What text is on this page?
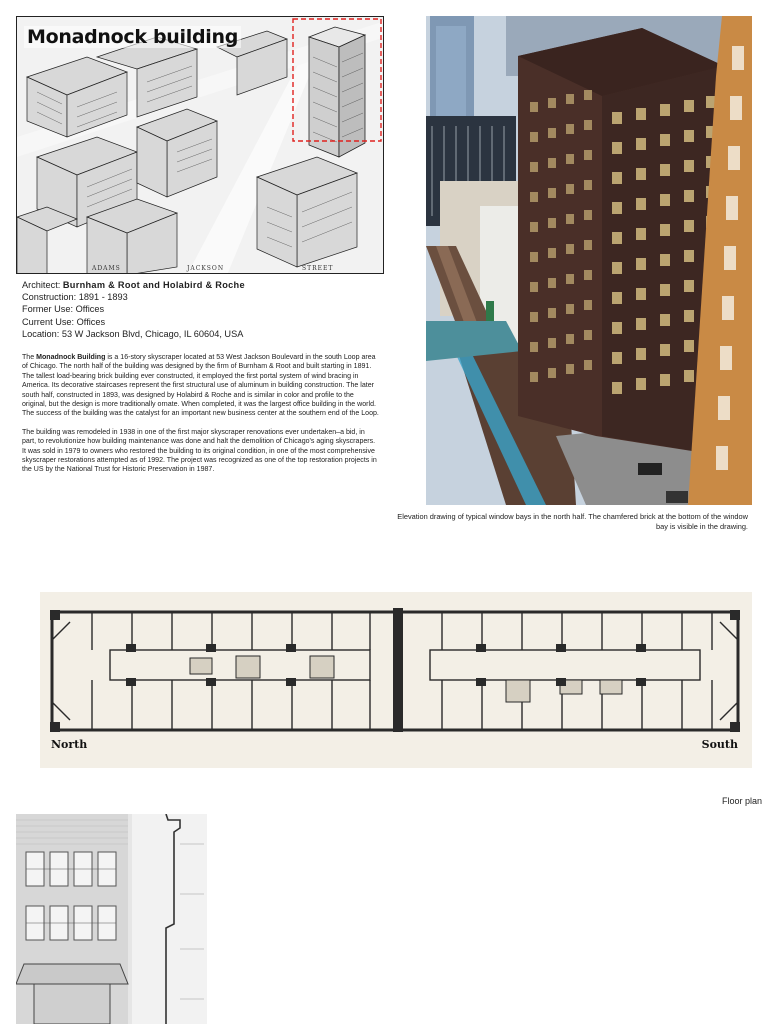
Monadnock building
ADAMS	JACKSON	STREET
Architect: Burnham & Root and Holabird & Roche
Construction: 1891 - 1893
Former Use: Offices
Current Use: Offices
Location: 53 W Jackson Blvd, Chicago, IL 60604, USA

The Monadnock Building is a 16-story skyscraper located at 53 West Jackson Boulevard in the south Loop area of Chicago. The north half of the building was designed by the firm of Burnham & Root and built starting in 1891. The tallest load-bearing brick building ever constructed, it employed the first portal system of wind bracing in America. Its decorative staircases represent the first structural use of aluminum in building construction. The later south half, constructed in 1893, was designed by Holabird & Roche and is similar in color and profile to the original, but the design is more traditionally ornate. When completed, it was the largest office building in the world. The success of the building was the catalyst for an important new business center at the southern end of the Loop.

The building was remodeled in 1938 in one of the first major skyscraper renovations ever undertaken–a bid, in part, to revolutionize how building maintenance was done and halt the demolition of Chicago's aging skyscrapers. It was sold in 1979 to owners who restored the building to its original condition, in one of the most comprehensive skyscraper restorations attempted as of 1992. The project was recognized as one of the top restoration projects in the US by the National Trust for Historic Preservation in 1987.

Elevation drawing of typical window bays in the north half. The chamfered brick at the bottom of the window bay is visible in the drawing.
North	South
Floor plan
